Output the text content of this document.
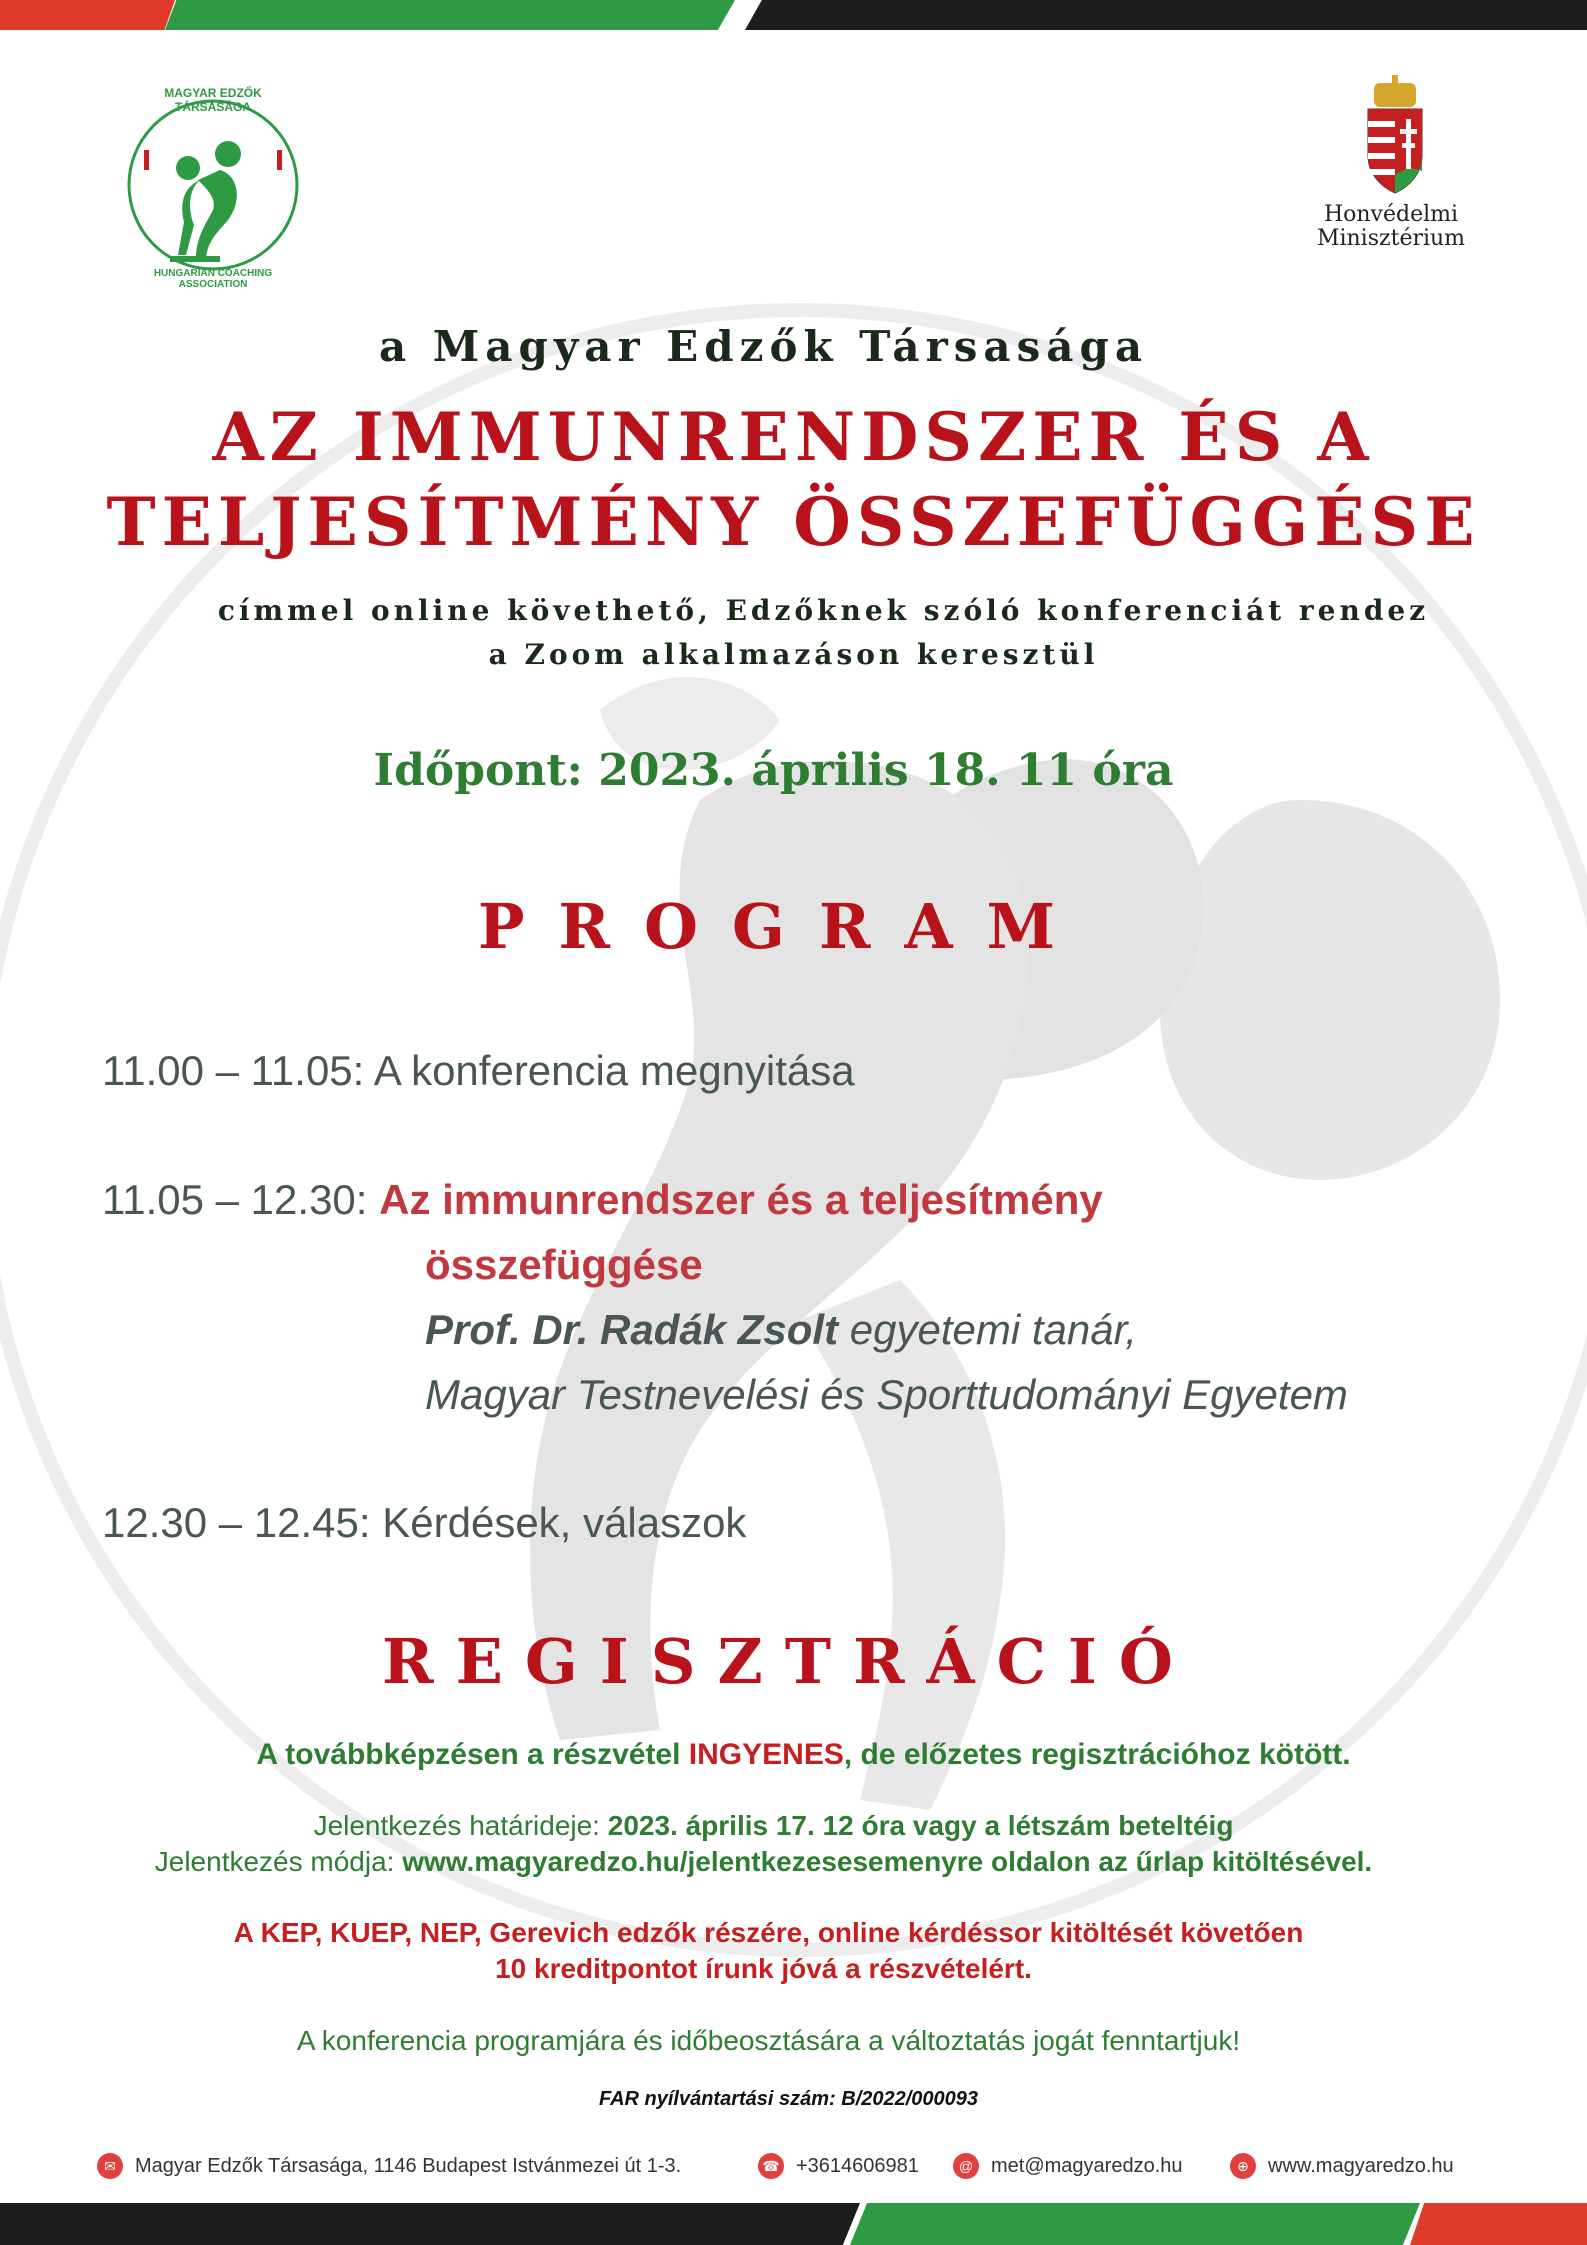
MAGYAR EDZŐK TÁRSASÁGA
HUNGARIAN COACHING ASSOCIATION
Honvédelmi
Minisztérium
a Magyar Edzők Társasága
AZ IMMUNRENDSZER ÉS A
TELJESÍTMÉNY ÖSSZEFÜGGÉSE
címmel online követhető, Edzőknek szóló konferenciát rendez
a Zoom alkalmazáson keresztül
Időpont: 2023. április 18. 11 óra
PROGRAM
11.00 – 11.05: A konferencia megnyitása
11.05 – 12.30: Az immunrendszer és a teljesítmény
összefüggése
Prof. Dr. Radák Zsolt egyetemi tanár,
Magyar Testnevelési és Sporttudományi Egyetem
12.30 – 12.45: Kérdések, válaszok
REGISZTRÁCIÓ
A továbbképzésen a részvétel INGYENES, de előzetes regisztrációhoz kötött.
Jelentkezés határideje: 2023. április 17. 12 óra vagy a létszám beteltéig
Jelentkezés módja: www.magyaredzo.hu/jelentkezesesemenyre oldalon az űrlap kitöltésével.
A KEP, KUEP, NEP, Gerevich edzők részére, online kérdéssor kitöltését követően
10 kreditpontot írunk jóvá a részvételért.
A konferencia programjára és időbeosztására a változtatás jogát fenntartjuk!
FAR nyílvántartási szám: B/2022/000093
✉ Magyar Edzők Társasága, 1146 Budapest Istvánmezei út 1-3.	☎ +3614606981	@ met@magyaredzo.hu	⊕ www.magyaredzo.hu
